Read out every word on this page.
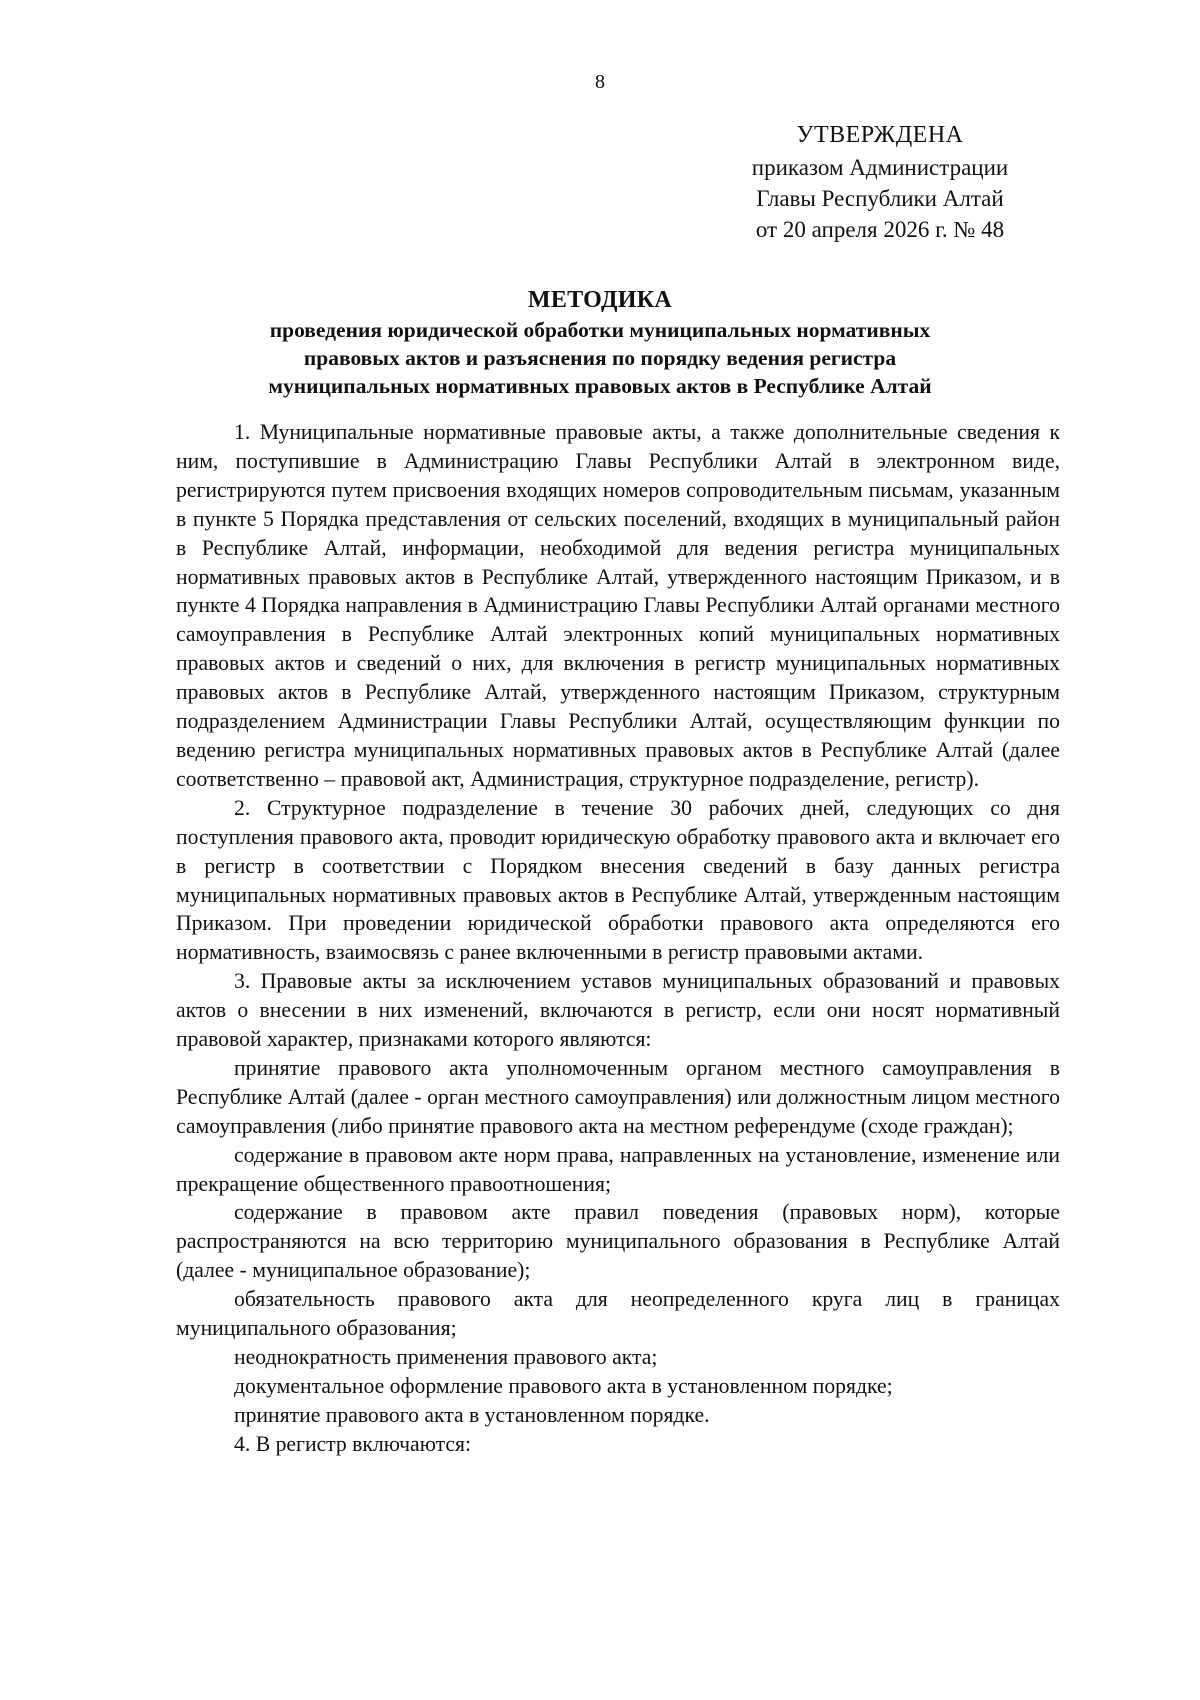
8
УТВЕРЖДЕНА
приказом Администрации
Главы Республики Алтай
от 20 апреля 2026 г. № 48
МЕТОДИКА
проведения юридической обработки муниципальных нормативных
правовых актов и разъяснения по порядку ведения регистра
муниципальных нормативных правовых актов в Республике Алтай

1. Муниципальные нормативные правовые акты, а также дополнительные сведения к ним, поступившие в Администрацию Главы Республики Алтай в электронном виде, регистрируются путем присвоения входящих номеров сопроводительным письмам, указанным в пункте 5 Порядка представления от сельских поселений, входящих в муниципальный район в Республике Алтай, информации, необходимой для ведения регистра муниципальных нормативных правовых актов в Республике Алтай, утвержденного настоящим Приказом, и в пункте 4 Порядка направления в Администрацию Главы Республики Алтай органами местного самоуправления в Республике Алтай электронных копий муниципальных нормативных правовых актов и сведений о них, для включения в регистр муниципальных нормативных правовых актов в Республике Алтай, утвержденного настоящим Приказом, структурным подразделением Администрации Главы Республики Алтай, осуществляющим функции по ведению регистра муниципальных нормативных правовых актов в Республике Алтай (далее соответственно – правовой акт, Администрация, структурное подразделение, регистр).

2. Структурное подразделение в течение 30 рабочих дней, следующих со дня поступления правового акта, проводит юридическую обработку правового акта и включает его в регистр в соответствии с Порядком внесения сведений в базу данных регистра муниципальных нормативных правовых актов в Республике Алтай, утвержденным настоящим Приказом. При проведении юридической обработки правового акта определяются его нормативность, взаимосвязь с ранее включенными в регистр правовыми актами.

3. Правовые акты за исключением уставов муниципальных образований и правовых актов о внесении в них изменений, включаются в регистр, если они носят нормативный правовой характер, признаками которого являются:

принятие правового акта уполномоченным органом местного самоуправления в Республике Алтай (далее - орган местного самоуправления) или должностным лицом местного самоуправления (либо принятие правового акта на местном референдуме (сходе граждан);

содержание в правовом акте норм права, направленных на установление, изменение или прекращение общественного правоотношения;

содержание в правовом акте правил поведения (правовых норм), которые распространяются на всю территорию муниципального образования в Республике Алтай (далее - муниципальное образование);

обязательность правового акта для неопределенного круга лиц в границах муниципального образования;

неоднократность применения правового акта;

документальное оформление правового акта в установленном порядке;

принятие правового акта в установленном порядке.

4. В регистр включаются:
